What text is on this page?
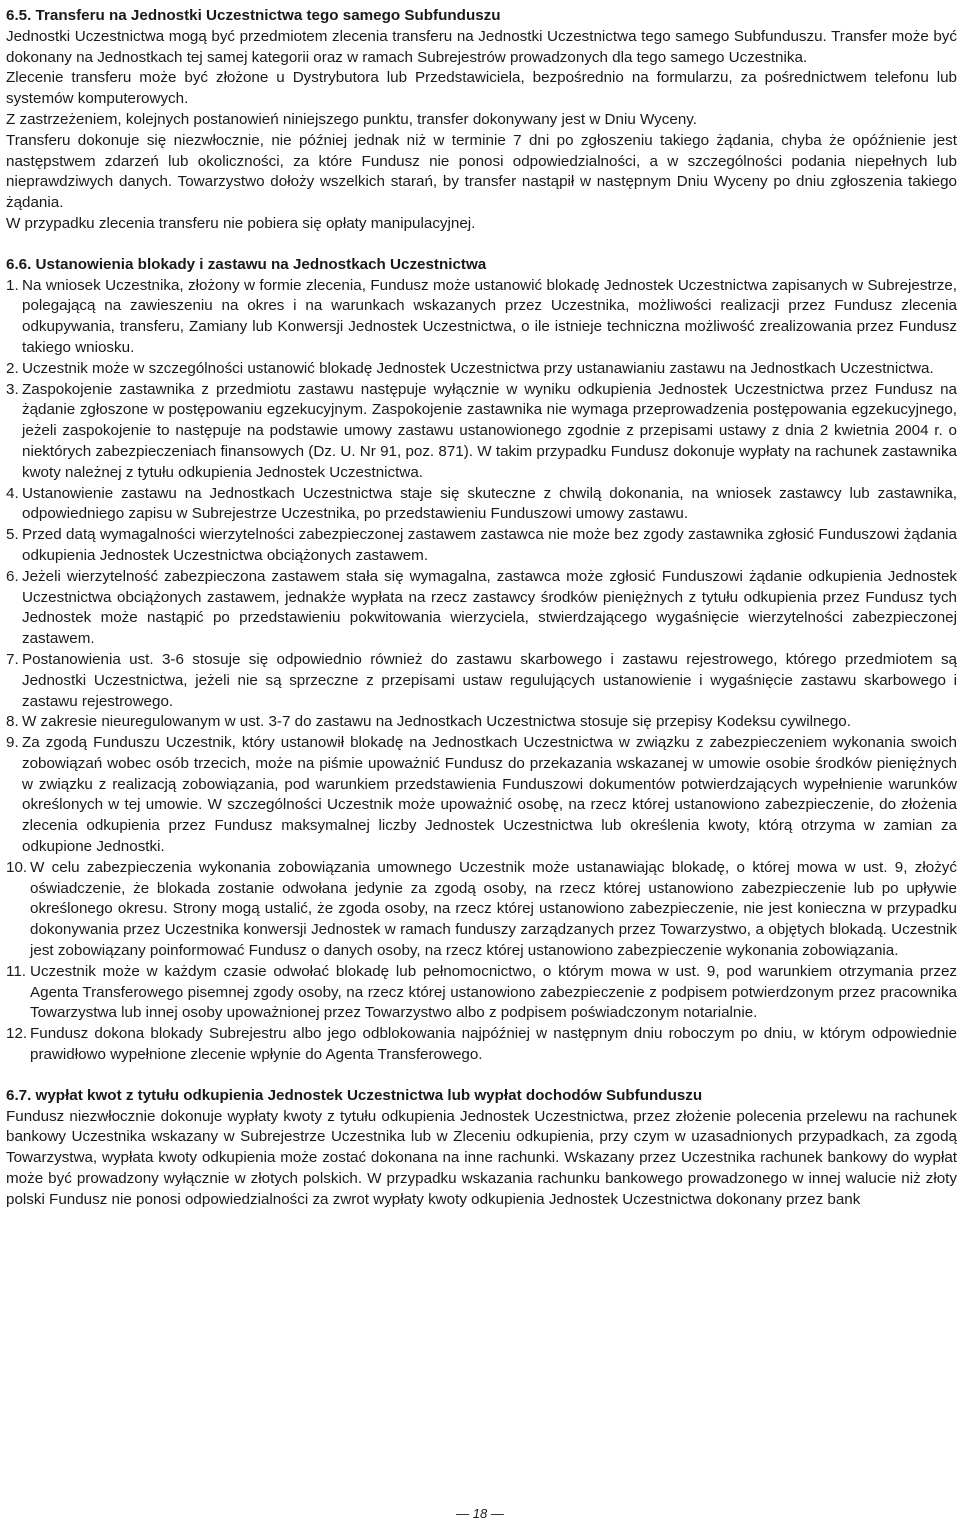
6.5. Transferu na Jednostki Uczestnictwa tego samego Subfunduszu

Jednostki Uczestnictwa mogą być przedmiotem zlecenia transferu na Jednostki Uczestnictwa tego samego Subfunduszu. Transfer może być dokonany na Jednostkach tej samej kategorii oraz w ramach Subrejestrów prowadzonych dla tego samego Uczestnika.

Zlecenie transferu może być złożone u Dystrybutora lub Przedstawiciela, bezpośrednio na formularzu, za pośrednictwem telefonu lub systemów komputerowych.

Z zastrzeżeniem, kolejnych postanowień niniejszego punktu, transfer dokonywany jest w Dniu Wyceny.

Transferu dokonuje się niezwłocznie, nie później jednak niż w terminie 7 dni po zgłoszeniu takiego żądania, chyba że opóźnienie jest następstwem zdarzeń lub okoliczności, za które Fundusz nie ponosi odpowiedzialności, a w szczególności podania niepełnych lub nieprawdziwych danych. Towarzystwo dołoży wszelkich starań, by transfer nastąpił w następnym Dniu Wyceny po dniu zgłoszenia takiego żądania.

W przypadku zlecenia transferu nie pobiera się opłaty manipulacyjnej.

6.6. Ustanowienia blokady i zastawu na Jednostkach Uczestnictwa

1. Na wniosek Uczestnika, złożony w formie zlecenia, Fundusz może ustanowić blokadę Jednostek Uczestnictwa zapisanych w Subrejestrze, polegającą na zawieszeniu na okres i na warunkach wskazanych przez Uczestnika, możliwości realizacji przez Fundusz zlecenia odkupywania, transferu, Zamiany lub Konwersji Jednostek Uczestnictwa, o ile istnieje techniczna możliwość zrealizowania przez Fundusz takiego wniosku.
2. Uczestnik może w szczególności ustanowić blokadę Jednostek Uczestnictwa przy ustanawianiu zastawu na Jednostkach Uczestnictwa.
3. Zaspokojenie zastawnika z przedmiotu zastawu następuje wyłącznie w wyniku odkupienia Jednostek Uczestnictwa przez Fundusz na żądanie zgłoszone w postępowaniu egzekucyjnym. Zaspokojenie zastawnika nie wymaga przeprowadzenia postępowania egzekucyjnego, jeżeli zaspokojenie to następuje na podstawie umowy zastawu ustanowionego zgodnie z przepisami ustawy z dnia 2 kwietnia 2004 r. o niektórych zabezpieczeniach finansowych (Dz. U. Nr 91, poz. 871). W takim przypadku Fundusz dokonuje wypłaty na rachunek zastawnika kwoty należnej z tytułu odkupienia Jednostek Uczestnictwa.
4. Ustanowienie zastawu na Jednostkach Uczestnictwa staje się skuteczne z chwilą dokonania, na wniosek zastawcy lub zastawnika, odpowiedniego zapisu w Subrejestrze Uczestnika, po przedstawieniu Funduszowi umowy zastawu.
5. Przed datą wymagalności wierzytelności zabezpieczonej zastawem zastawca nie może bez zgody zastawnika zgłosić Funduszowi żądania odkupienia Jednostek Uczestnictwa obciążonych zastawem.
6. Jeżeli wierzytelność zabezpieczona zastawem stała się wymagalna, zastawca może zgłosić Funduszowi żądanie odkupienia Jednostek Uczestnictwa obciążonych zastawem, jednakże wypłata na rzecz zastawcy środków pieniężnych z tytułu odkupienia przez Fundusz tych Jednostek może nastąpić po przedstawieniu pokwitowania wierzyciela, stwierdzającego wygaśnięcie wierzytelności zabezpieczonej zastawem.
7. Postanowienia ust. 3-6 stosuje się odpowiednio również do zastawu skarbowego i zastawu rejestrowego, którego przedmiotem są Jednostki Uczestnictwa, jeżeli nie są sprzeczne z przepisami ustaw regulujących ustanowienie i wygaśnięcie zastawu skarbowego i zastawu rejestrowego.
8. W zakresie nieuregulowanym w ust. 3-7 do zastawu na Jednostkach Uczestnictwa stosuje się przepisy Kodeksu cywilnego.
9. Za zgodą Funduszu Uczestnik, który ustanowił blokadę na Jednostkach Uczestnictwa w związku z zabezpieczeniem wykonania swoich zobowiązań wobec osób trzecich, może na piśmie upoważnić Fundusz do przekazania wskazanej w umowie osobie środków pieniężnych w związku z realizacją zobowiązania, pod warunkiem przedstawienia Funduszowi dokumentów potwierdzających wypełnienie warunków określonych w tej umowie. W szczególności Uczestnik może upoważnić osobę, na rzecz której ustanowiono zabezpieczenie, do złożenia zlecenia odkupienia przez Fundusz maksymalnej liczby Jednostek Uczestnictwa lub określenia kwoty, którą otrzyma w zamian za odkupione Jednostki.
10. W celu zabezpieczenia wykonania zobowiązania umownego Uczestnik może ustanawiając blokadę, o której mowa w ust. 9, złożyć oświadczenie, że blokada zostanie odwołana jedynie za zgodą osoby, na rzecz której ustanowiono zabezpieczenie lub po upływie określonego okresu. Strony mogą ustalić, że zgoda osoby, na rzecz której ustanowiono zabezpieczenie, nie jest konieczna w przypadku dokonywania przez Uczestnika konwersji Jednostek w ramach funduszy zarządzanych przez Towarzystwo, a objętych blokadą. Uczestnik jest zobowiązany poinformować Fundusz o danych osoby, na rzecz której ustanowiono zabezpieczenie wykonania zobowiązania.
11. Uczestnik może w każdym czasie odwołać blokadę lub pełnomocnictwo, o którym mowa w ust. 9, pod warunkiem otrzymania przez Agenta Transferowego pisemnej zgody osoby, na rzecz której ustanowiono zabezpieczenie z podpisem potwierdzonym przez pracownika Towarzystwa lub innej osoby upoważnionej przez Towarzystwo albo z podpisem poświadczonym notarialnie.
12. Fundusz dokona blokady Subrejestru albo jego odblokowania najpóźniej w następnym dniu roboczym po dniu, w którym odpowiednie prawidłowo wypełnione zlecenie wpłynie do Agenta Transferowego.

6.7. wypłat kwot z tytułu odkupienia Jednostek Uczestnictwa lub wypłat dochodów Subfunduszu

Fundusz niezwłocznie dokonuje wypłaty kwoty z tytułu odkupienia Jednostek Uczestnictwa, przez złożenie polecenia przelewu na rachunek bankowy Uczestnika wskazany w Subrejestrze Uczestnika lub w Zleceniu odkupienia, przy czym w uzasadnionych przypadkach, za zgodą Towarzystwa, wypłata kwoty odkupienia może zostać dokonana na inne rachunki. Wskazany przez Uczestnika rachunek bankowy do wypłat może być prowadzony wyłącznie w złotych polskich. W przypadku wskazania rachunku bankowego prowadzonego w innej walucie niż złoty polski Fundusz nie ponosi odpowiedzialności za zwrot wypłaty kwoty odkupienia Jednostek Uczestnictwa dokonany przez bank

— 18 —
